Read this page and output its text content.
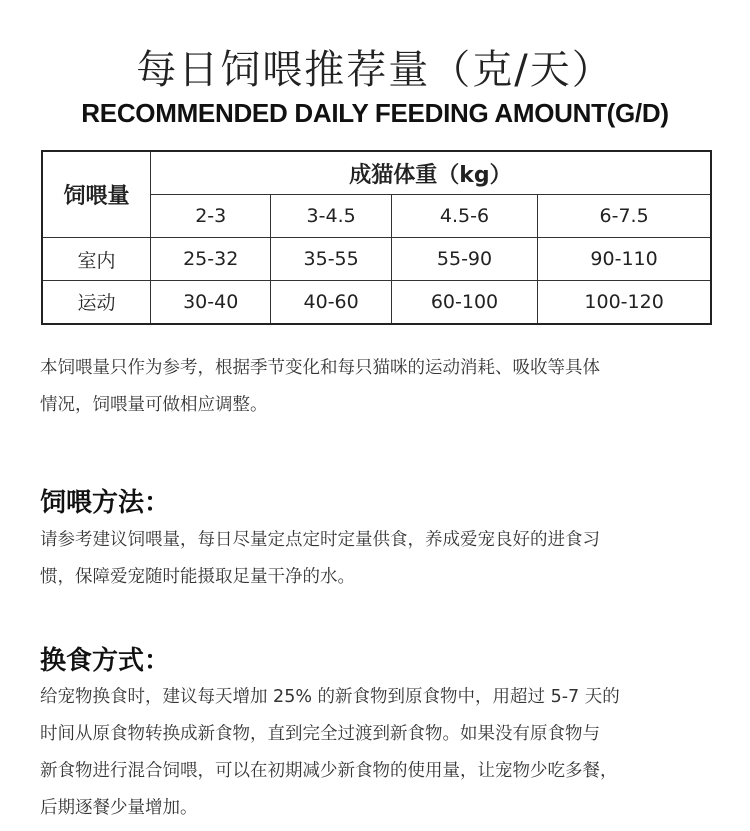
每日饲喂推荐量（克/天）
RECOMMENDED DAILY FEEDING AMOUNT(G/D)
饲喂量	成猫体重（kg）			
	2-3	3-4.5	4.5-6	6-7.5
室内	25-32	35-55	55-90	90-110
运动	30-40	40-60	60-100	100-120
本饲喂量只作为参考，根据季节变化和每只猫咪的运动消耗、吸收等具体
情况，饲喂量可做相应调整。
饲喂方法：
请参考建议饲喂量，每日尽量定点定时定量供食，养成爱宠良好的进食习
惯，保障爱宠随时能摄取足量干净的水。
换食方式：
给宠物换食时，建议每天增加 25% 的新食物到原食物中，用超过 5-7 天的
时间从原食物转换成新食物，直到完全过渡到新食物。如果没有原食物与
新食物进行混合饲喂，可以在初期减少新食物的使用量，让宠物少吃多餐，
后期逐餐少量增加。
